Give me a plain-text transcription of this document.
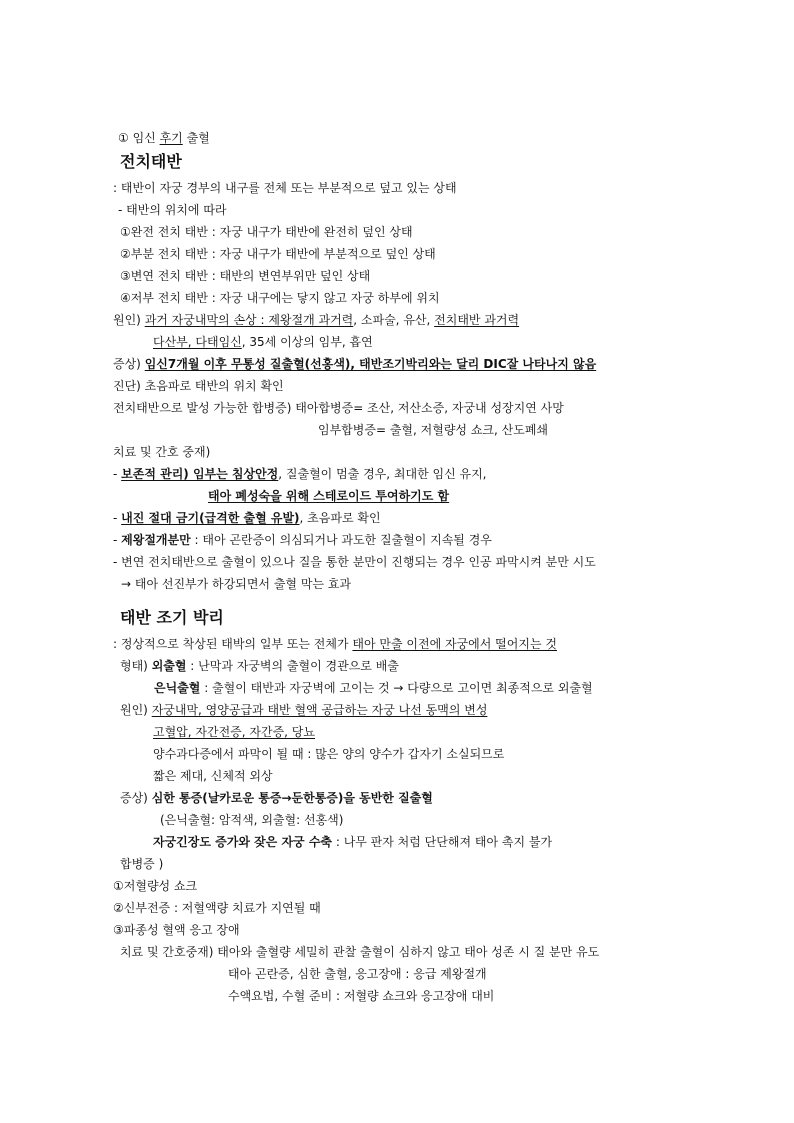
① 임신 후기 출혈
전치태반
: 태반이 자궁 경부의 내구를 전체 또는 부분적으로 덮고 있는 상태
- 태반의 위치에 따라
①완전 전치 태반 : 자궁 내구가 태반에 완전히 덮인 상태
②부분 전치 태반 : 자궁 내구가 태반에 부분적으로 덮인 상태
③변연 전치 태반 : 태반의 변연부위만 덮인 상태
④저부 전치 태반 : 자궁 내구에는 닿지 않고 자궁 하부에 위치
원인) 과거 자궁내막의 손상 : 제왕절개 과거력, 소파술, 유산, 전치태반 과거력
다산부, 다태임신, 35세 이상의 임부, 흡연
증상) 임신7개월 이후 무통성 질출혈(선홍색), 태반조기박리와는 달리 DIC잘 나타나지 않음
진단) 초음파로 태반의 위치 확인
전치태반으로 발성 가능한 합병증) 태아합병증= 조산, 저산소증, 자궁내 성장지연 사망
임부합병증= 출혈, 저혈량성 쇼크, 산도폐쇄
치료 및 간호 중재)
- 보존적 관리) 임부는 침상안정, 질출혈이 멈출 경우, 최대한 임신 유지,
태아 폐성숙을 위해 스테로이드 투여하기도 함
- 내진 절대 금기(급격한 출혈 유발), 초음파로 확인
- 제왕절개분만 : 태아 곤란증이 의심되거나 과도한 질출혈이 지속될 경우
- 변연 전치태반으로 출혈이 있으나 질을 통한 분만이 진행되는 경우 인공 파막시켜 분만 시도
→ 태아 선진부가 하강되면서 출혈 막는 효과
태반 조기 박리
: 정상적으로 착상된 태박의 일부 또는 전체가 태아 만출 이전에 자궁에서 떨어지는 것
형태) 외출혈 : 난막과 자궁벽의 출혈이 경관으로 배출
은닉출혈 : 출혈이 태반과 자궁벽에 고이는 것 → 다량으로 고이면 최종적으로 외출혈
원인) 자궁내막, 영양공급과 태반 혈액 공급하는 자궁 나선 동맥의 변성
고혈압, 자간전증, 자간증, 당뇨
양수과다증에서 파막이 될 때 : 많은 양의 양수가 갑자기 소실되므로
짧은 제대, 신체적 외상
증상) 심한 통증(날카로운 통증→둔한통증)을 동반한 질출혈
(은닉출혈: 암적색, 외출혈: 선홍색)
자궁긴장도 증가와 잦은 자궁 수축 : 나무 판자 처럼 단단해져 태아 촉지 불가
합병증 )
①저혈량성 쇼크
②신부전증 : 저혈액량 치료가 지연될 때
③파종성 혈액 응고 장애
치료 및 간호중재) 태아와 출혈량 세밀히 관찰 출혈이 심하지 않고 태아 성존 시 질 분만 유도
태아 곤란증, 심한 출혈, 응고장애 : 응급 제왕절개
수액요법, 수혈 준비 : 저혈량 쇼크와 응고장애 대비
